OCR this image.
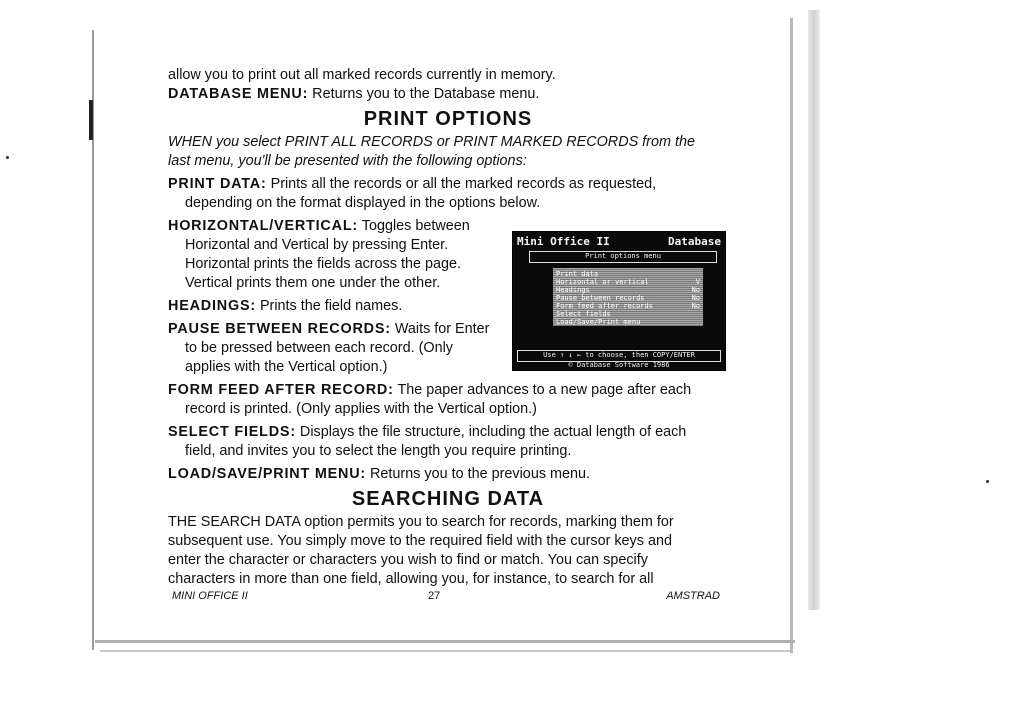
allow you to print out all marked records currently in memory.

DATABASE MENU: Returns you to the Database menu.

PRINT OPTIONS

WHEN you select PRINT ALL RECORDS or PRINT MARKED RECORDS from the

last menu, you'll be presented with the following options:

PRINT DATA: Prints all the records or all the marked records as requested,

depending on the format displayed in the options below.

HORIZONTAL/VERTICAL: Toggles between

Horizontal and Vertical by pressing Enter.

Horizontal prints the fields across the page.

Vertical prints them one under the other.

HEADINGS: Prints the field names.

PAUSE BETWEEN RECORDS: Waits for Enter

to be pressed between each record. (Only

applies with the Vertical option.)

FORM FEED AFTER RECORD: The paper advances to a new page after each

record is printed. (Only applies with the Vertical option.)

SELECT FIELDS: Displays the file structure, including the actual length of each

field, and invites you to select the length you require printing.

LOAD/SAVE/PRINT MENU: Returns you to the previous menu.

SEARCHING DATA

THE SEARCH DATA option permits you to search for records, marking them for

subsequent use. You simply move to the required field with the cursor keys and

enter the character or characters you wish to find or match. You can specify

characters in more than one field, allowing you, for instance, to search for all

Mini Office II	Database
Print options menu
Print data
Horizontal or vertical	V
Headings	No
Pause between records	No
Form feed after records	No
Select fields
Load/Save/Print menu
Use ↑ ↓ ← to choose, then COPY/ENTER
© Database Software 1986
MINI OFFICE II	27	AMSTRAD
